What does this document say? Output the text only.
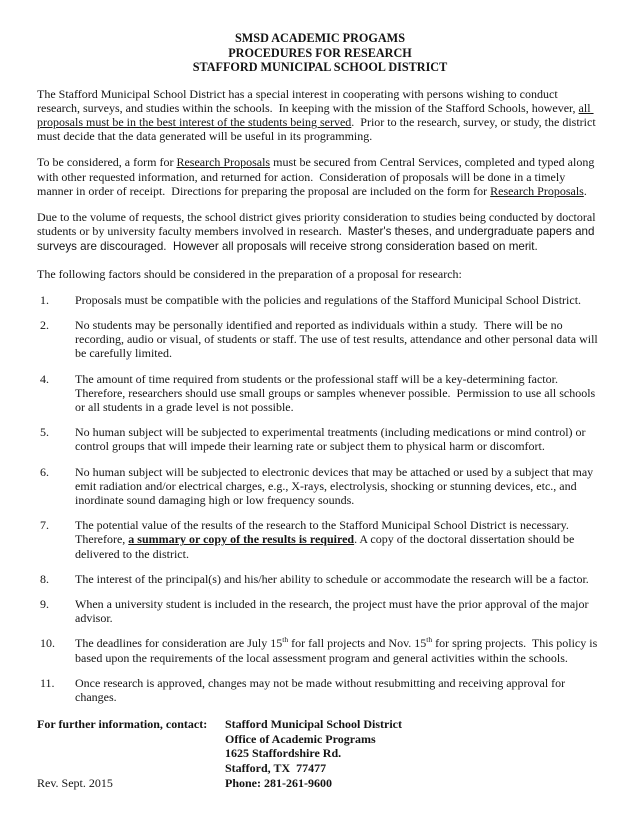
SMSD ACADEMIC PROGAMS
PROCEDURES FOR RESEARCH
STAFFORD MUNICIPAL SCHOOL DISTRICT

The Stafford Municipal School District has a special interest in cooperating with persons wishing to conduct research, surveys, and studies within the schools.  In keeping with the mission of the Stafford Schools, however, all proposals must be in the best interest of the students being served.  Prior to the research, survey, or study, the district must decide that the data generated will be useful in its programming.

To be considered, a form for Research Proposals must be secured from Central Services, completed and typed along with other requested information, and returned for action.  Consideration of proposals will be done in a timely manner in order of receipt.  Directions for preparing the proposal are included on the form for Research Proposals.

Due to the volume of requests, the school district gives priority consideration to studies being conducted by doctoral students or by university faculty members involved in research.  Master's theses, and undergraduate papers and surveys are discouraged.  However all proposals will receive strong consideration based on merit.

The following factors should be considered in the preparation of a proposal for research:

1.	Proposals must be compatible with the policies and regulations of the Stafford Municipal School District.
2.	No students may be personally identified and reported as individuals within a study.  There will be no recording, audio or visual, of students or staff. The use of test results, attendance and other personal data will be carefully limited.
4.	The amount of time required from students or the professional staff will be a key-determining factor.  Therefore, researchers should use small groups or samples whenever possible.  Permission to use all schools or all students in a grade level is not possible.
5.	No human subject will be subjected to experimental treatments (including medications or mind control) or control groups that will impede their learning rate or subject them to physical harm or discomfort.
6.	No human subject will be subjected to electronic devices that may be attached or used by a subject that may emit radiation and/or electrical charges, e.g., X-rays, electrolysis, shocking or stunning devices, etc., and inordinate sound damaging high or low frequency sounds.
7.	The potential value of the results of the research to the Stafford Municipal School District is necessary. Therefore, a summary or copy of the results is required. A copy of the doctoral dissertation should be delivered to the district.
8.	The interest of the principal(s) and his/her ability to schedule or accommodate the research will be a factor.
9.	When a university student is included in the research, the project must have the prior approval of the major advisor.
10.	The deadlines for consideration are July 15th for fall projects and Nov. 15th for spring projects.  This policy is based upon the requirements of the local assessment program and general activities within the schools.
11.	Once research is approved, changes may not be made without resubmitting and receiving approval for changes.
For further information, contact:	Stafford Municipal School District
Office of Academic Programs
1625 Staffordshire Rd.
Stafford, TX  77477
Phone: 281-261-9600
Rev. Sept. 2015
